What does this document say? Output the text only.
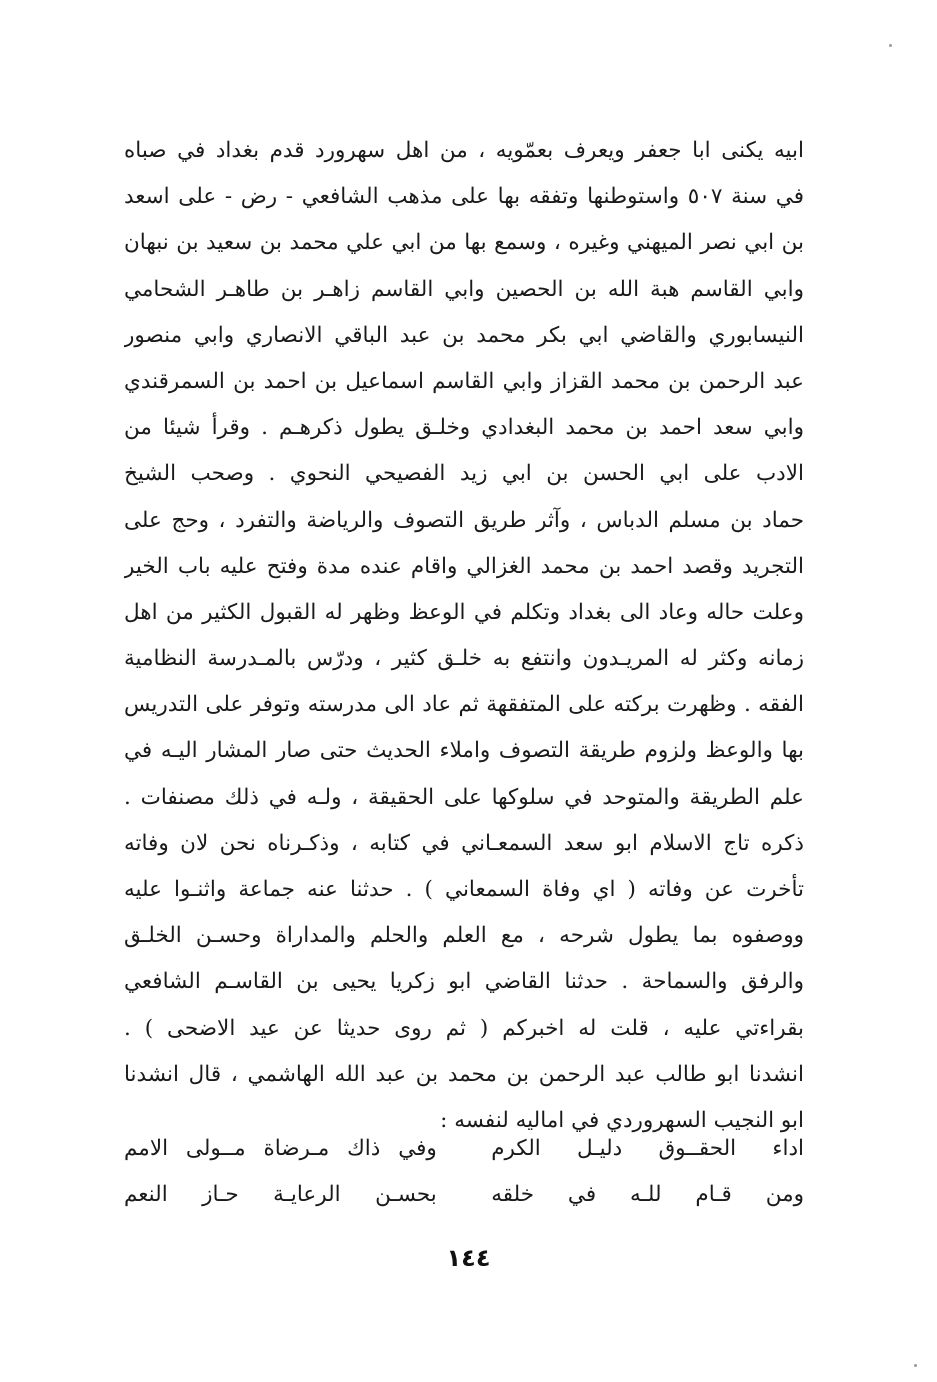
ابيه يكنى ابا جعفر ويعرف بعمّويه ، من اهل سهرورد قدم بغداد في صباه
في سنة ٥٠٧ واستوطنها وتفقه بها على مذهب الشافعي - رض - على اسعد
بن ابي نصر الميهني وغيره ، وسمع بها من ابي علي محمد بن سعيد بن نبهان
وابي القاسم هبة الله بن الحصين وابي القاسم زاهـر بن طاهـر الشحامي
النيسابوري والقاضي ابي بكر محمد بن عبد الباقي الانصاري وابي منصور
عبد الرحمن بن محمد القزاز وابي القاسم اسماعيل بن احمد بن السمرقندي
وابي سعد احمد بن محمد البغدادي وخلـق يطول ذكرهـم . وقرأ شيئا من
الادب على ابي الحسن بن ابي زيد الفصيحي النحوي . وصحب الشيخ
حماد بن مسلم الدباس ، وآثر طريق التصوف والرياضة والتفرد ، وحج على
التجريد وقصد احمد بن محمد الغزالي واقام عنده مدة وفتح عليه باب الخير
وعلت حاله وعاد الى بغداد وتكلم في الوعظ وظهر له القبول الكثير من اهل
زمانه وكثر له المريـدون وانتفع به خلـق كثير ، ودرّس بالمـدرسة النظامية
الفقه . وظهرت بركته على المتفقهة ثم عاد الى مدرسته وتوفر على التدريس
بها والوعظ ولزوم طريقة التصوف واملاء الحديث حتى صار المشار اليـه في
علم الطريقة والمتوحد في سلوكها على الحقيقة ، ولـه في ذلك مصنفات .
ذكره تاج الاسلام ابو سعد السمعـاني في كتابه ، وذكـرناه نحن لان وفاته
تأخرت عن وفاته ( اي وفاة السمعاني ) . حدثنا عنه جماعة واثنـوا عليه
ووصفوه بما يطول شرحه ، مع العلم والحلم والمداراة وحسـن الخلـق
والرفق والسماحة . حدثنا القاضي ابو زكريا يحيى بن القاسـم الشافعي
بقراءتي عليه ، قلت له اخبركم ( ثم روى حديثا عن عيد الاضحى ) .
انشدنا ابو طالب عبد الرحمن بن محمد بن عبد الله الهاشمي ، قال انشدنا
ابو النجيب السهروردي في اماليه لنفسه :
اداء الحقــوق دليـل الكرم
وفي ذاك مـرضاة مــولى الامم
ومن قـام للـه في خلقه
بحسـن الرعايـة حـاز النعم
١٤٤
